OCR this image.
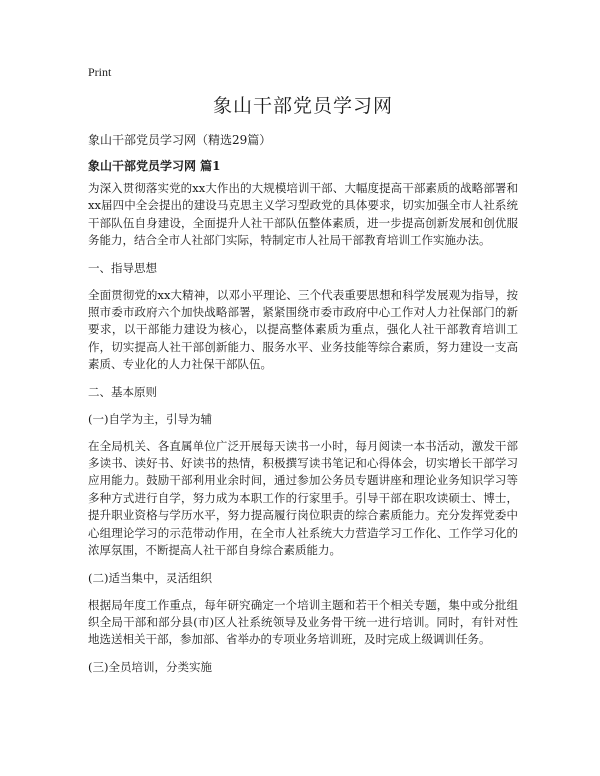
Print
象山干部党员学习网
象山干部党员学习网（精选29篇）
象山干部党员学习网 篇1

为深入贯彻落实党的xx大作出的大规模培训干部、大幅度提高干部素质的战略部署和xx届四中全会提出的建设马克思主义学习型政党的具体要求，切实加强全市人社系统干部队伍自身建设，全面提升人社干部队伍整体素质，进一步提高创新发展和创优服务能力，结合全市人社部门实际，特制定市人社局干部教育培训工作实施办法。

一、指导思想

全面贯彻党的xx大精神，以邓小平理论、三个代表重要思想和科学发展观为指导，按照市委市政府六个加快战略部署，紧紧围绕市委市政府中心工作对人力社保部门的新要求，以干部能力建设为核心，以提高整体素质为重点，强化人社干部教育培训工作，切实提高人社干部创新能力、服务水平、业务技能等综合素质，努力建设一支高素质、专业化的人力社保干部队伍。

二、基本原则
(一)自学为主，引导为辅

在全局机关、各直属单位广泛开展每天读书一小时，每月阅读一本书活动，激发干部多读书、读好书、好读书的热情，积极撰写读书笔记和心得体会，切实增长干部学习应用能力。鼓励干部利用业余时间，通过参加公务员专题讲座和理论业务知识学习等多种方式进行自学，努力成为本职工作的行家里手。引导干部在职攻读硕士、博士，提升职业资格与学历水平，努力提高履行岗位职责的综合素质能力。充分发挥党委中心组理论学习的示范带动作用，在全市人社系统大力营造学习工作化、工作学习化的浓厚氛围，不断提高人社干部自身综合素质能力。

(二)适当集中，灵活组织

根据局年度工作重点，每年研究确定一个培训主题和若干个相关专题，集中或分批组织全局干部和部分县(市)区人社系统领导及业务骨干统一进行培训。同时，有针对性地选送相关干部，参加部、省举办的专项业务培训班，及时完成上级调训任务。

(三)全员培训，分类实施
